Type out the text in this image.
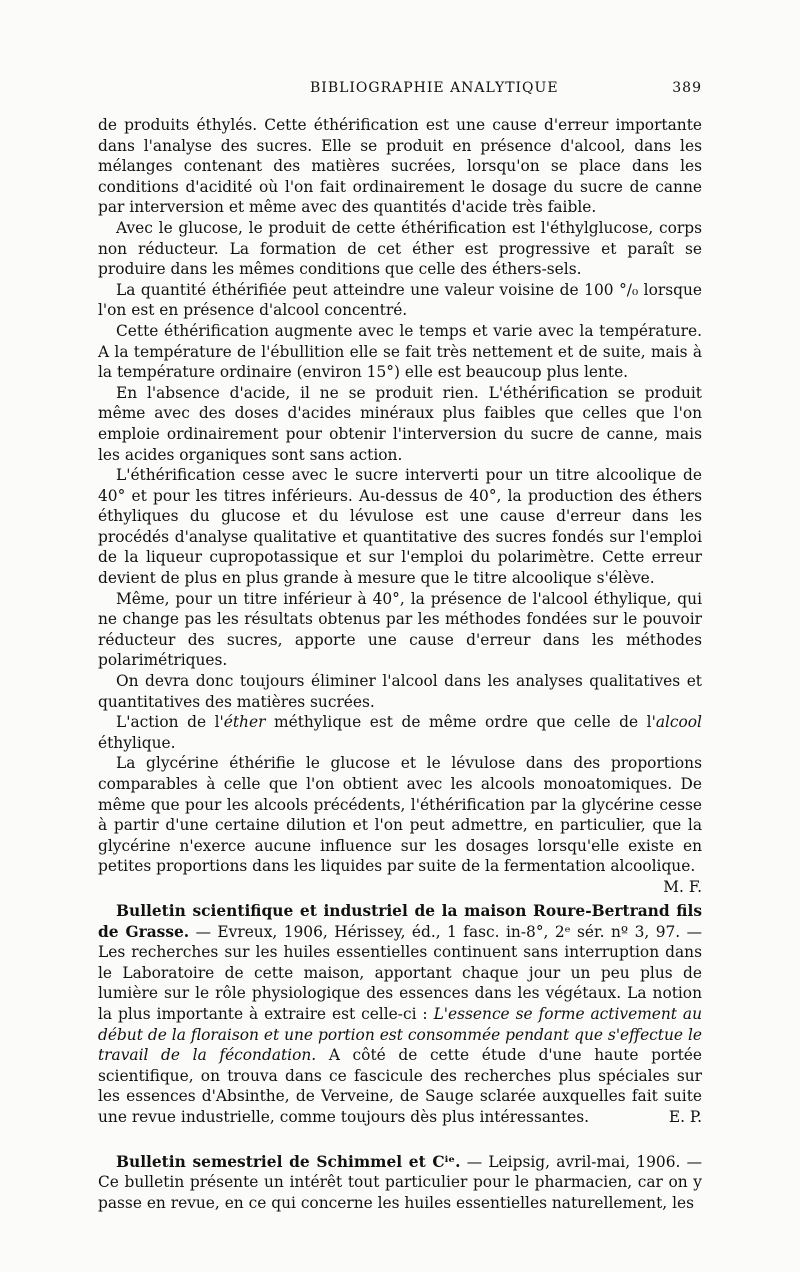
BIBLIOGRAPHIE ANALYTIQUE	389

de produits éthylés. Cette éthérification est une cause d'erreur importante dans l'analyse des sucres. Elle se produit en présence d'alcool, dans les mélanges contenant des matières sucrées, lorsqu'on se place dans les conditions d'acidité où l'on fait ordinairement le dosage du sucre de canne par interversion et même avec des quantités d'acide très faible.

Avec le glucose, le produit de cette éthérification est l'éthylglucose, corps non réducteur. La formation de cet éther est progressive et paraît se produire dans les mêmes conditions que celle des éthers-sels.

La quantité éthérifiée peut atteindre une valeur voisine de 100 °/₀ lorsque l'on est en présence d'alcool concentré.

Cette éthérification augmente avec le temps et varie avec la température. A la température de l'ébullition elle se fait très nettement et de suite, mais à la température ordinaire (environ 15°) elle est beaucoup plus lente.

En l'absence d'acide, il ne se produit rien. L'éthérification se produit même avec des doses d'acides minéraux plus faibles que celles que l'on emploie ordinairement pour obtenir l'interversion du sucre de canne, mais les acides organiques sont sans action.

L'éthérification cesse avec le sucre interverti pour un titre alcoolique de 40° et pour les titres inférieurs. Au-dessus de 40°, la production des éthers éthyliques du glucose et du lévulose est une cause d'erreur dans les procédés d'analyse qualitative et quantitative des sucres fondés sur l'emploi de la liqueur cupropotassique et sur l'emploi du polarimètre. Cette erreur devient de plus en plus grande à mesure que le titre alcoolique s'élève.

Même, pour un titre inférieur à 40°, la présence de l'alcool éthylique, qui ne change pas les résultats obtenus par les méthodes fondées sur le pouvoir réducteur des sucres, apporte une cause d'erreur dans les méthodes polarimétriques.

On devra donc toujours éliminer l'alcool dans les analyses qualitatives et quantitatives des matières sucrées.

L'action de l'éther méthylique est de même ordre que celle de l'alcool éthylique.

La glycérine éthérifie le glucose et le lévulose dans des proportions comparables à celle que l'on obtient avec les alcools monoatomiques. De même que pour les alcools précédents, l'éthérification par la glycérine cesse à partir d'une certaine dilution et l'on peut admettre, en particulier, que la glycérine n'exerce aucune influence sur les dosages lorsqu'elle existe en petites proportions dans les liquides par suite de la fermentation alcoolique.
M. F.

Bulletin scientifique et industriel de la maison Roure-Bertrand fils de Grasse. — Evreux, 1906, Hérissey, éd., 1 fasc. in-8°, 2ᵉ sér. nº 3, 97. — Les recherches sur les huiles essentielles continuent sans interruption dans le Laboratoire de cette maison, apportant chaque jour un peu plus de lumière sur le rôle physiologique des essences dans les végétaux. La notion la plus importante à extraire est celle-ci : L'essence se forme activement au début de la floraison et une portion est consommée pendant que s'effectue le travail de la fécondation. A côté de cette étude d'une haute portée scientifique, on trouva dans ce fascicule des recherches plus spéciales sur les essences d'Absinthe, de Verveine, de Sauge sclarée auxquelles fait suite une revue industrielle, comme toujours dès plus intéressantes.	E. P.

Bulletin semestriel de Schimmel et Cⁱᵉ. — Leipsig, avril-mai, 1906. — Ce bulletin présente un intérêt tout particulier pour le pharmacien, car on y passe en revue, en ce qui concerne les huiles essentielles naturellement, les
